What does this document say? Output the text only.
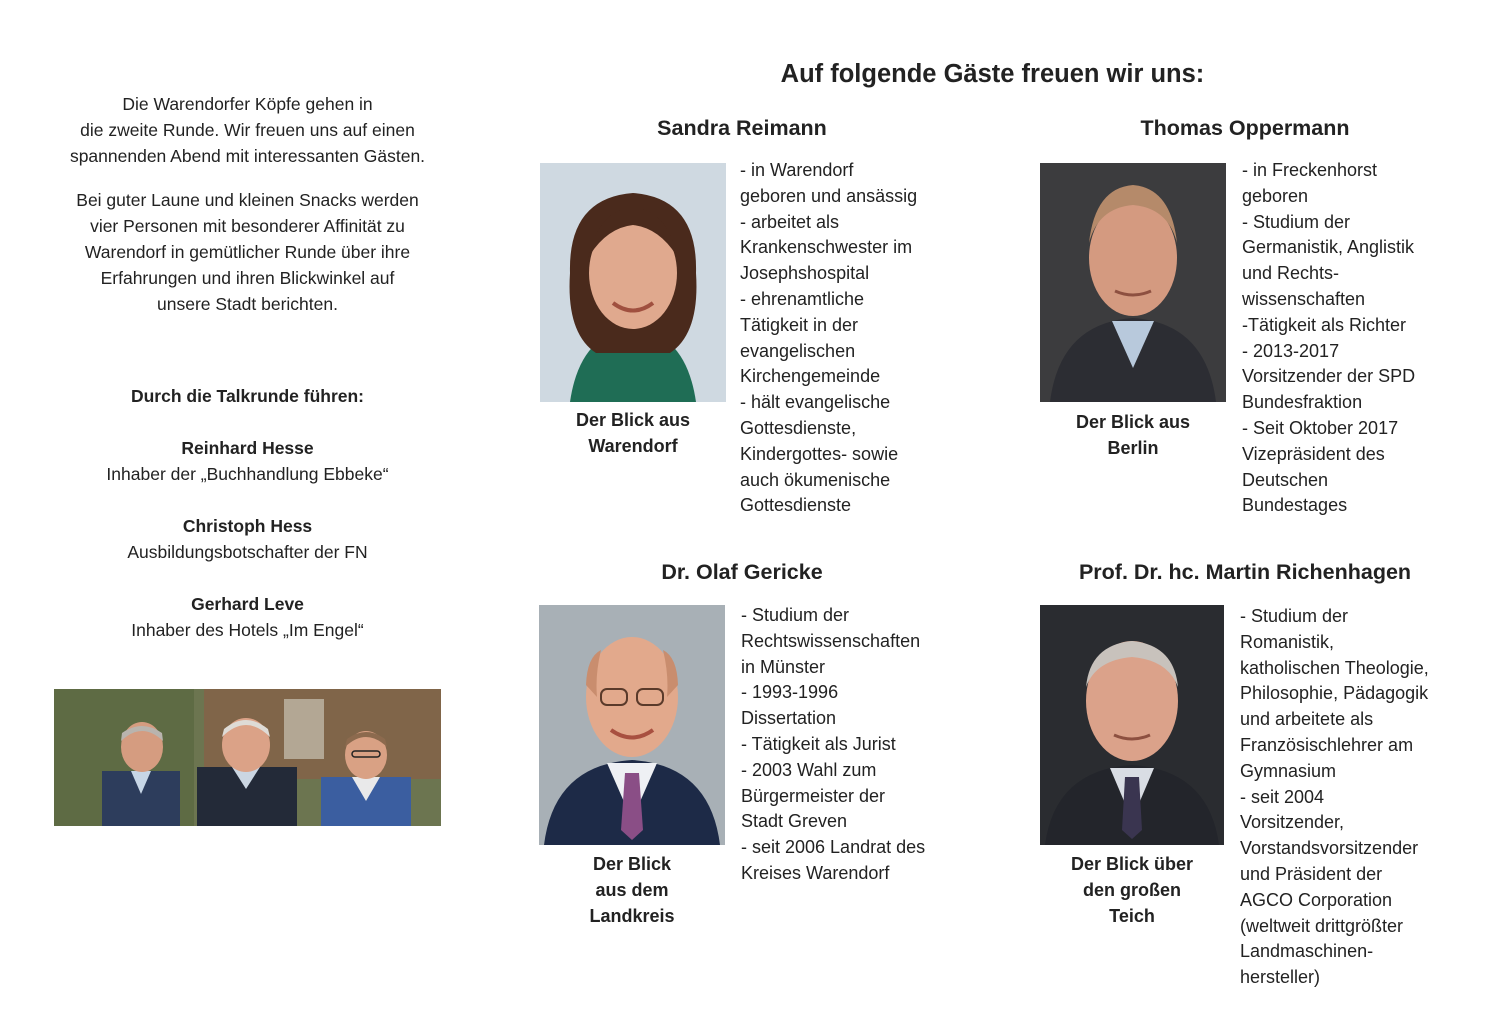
Die Warendorfer Köpfe gehen in
die zweite Runde. Wir freuen uns auf einen
spannenden Abend mit interessanten Gästen.

Bei guter Laune und kleinen Snacks werden
vier Personen mit besonderer Affinität zu
Warendorf in gemütlicher Runde über ihre
Erfahrungen und ihren Blickwinkel auf
unsere Stadt berichten.

Durch die Talkrunde führen:
Reinhard Hesse
Inhaber der „Buchhandlung Ebbeke“
Christoph Hess
Ausbildungsbotschafter der FN
Gerhard Leve
Inhaber des Hotels „Im Engel“
Auf folgende Gäste freuen wir uns:
Sandra Reimann
Der Blick aus
Warendorf
- in Warendorf
geboren und ansässig
- arbeitet als
Krankenschwester im
Josephshospital
- ehrenamtliche
Tätigkeit in der
evangelischen
Kirchengemeinde
- hält evangelische
Gottesdienste,
Kindergottes- sowie
auch ökumenische
Gottesdienste
Thomas Oppermann
Der Blick aus
Berlin
- in Freckenhorst
geboren
- Studium der
Germanistik, Anglistik
und Rechts-
wissenschaften
-Tätigkeit als Richter
- 2013-2017
Vorsitzender der SPD
Bundesfraktion
- Seit Oktober 2017
Vizepräsident des
Deutschen
Bundestages
Dr. Olaf Gericke
Der Blick
aus dem
Landkreis
- Studium der
Rechtswissenschaften
in Münster
- 1993-1996
Dissertation
- Tätigkeit als Jurist
- 2003 Wahl zum
Bürgermeister der
Stadt Greven
- seit 2006 Landrat des
Kreises Warendorf
Prof. Dr. hc. Martin Richenhagen
Der Blick über
den großen
Teich
- Studium der
Romanistik,
katholischen Theologie,
Philosophie, Pädagogik
und arbeitete als
Französischlehrer am
Gymnasium
- seit 2004
Vorsitzender,
Vorstandsvorsitzender
und Präsident der
AGCO Corporation
(weltweit drittgrößter
Landmaschinen-
hersteller)
